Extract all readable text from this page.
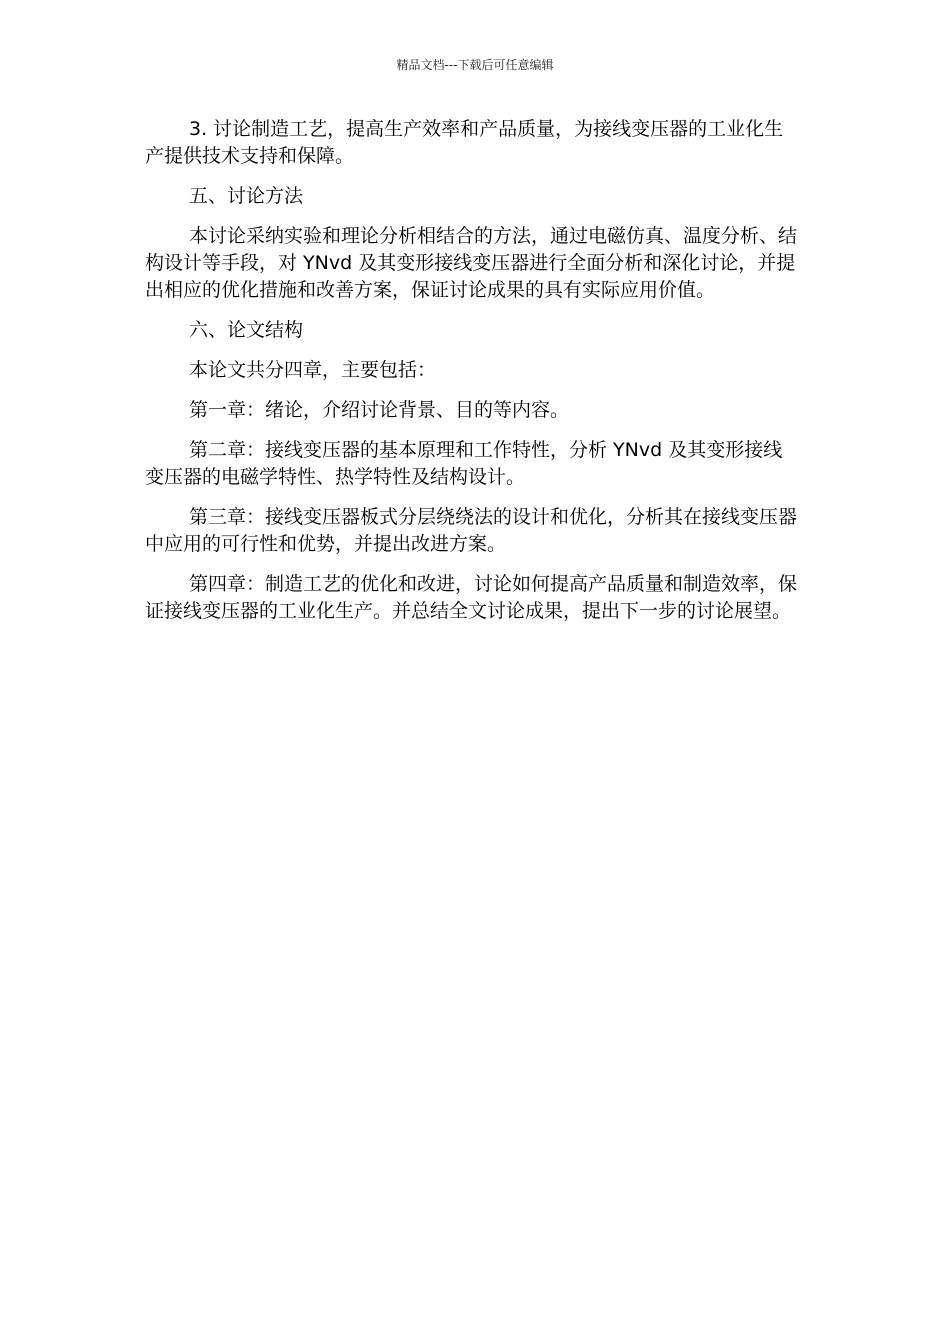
精品文档---下载后可任意编辑

3. 讨论制造工艺，提高生产效率和产品质量，为接线变压器的工业化生产提供技术支持和保障。

五、讨论方法

本讨论采纳实验和理论分析相结合的方法，通过电磁仿真、温度分析、结构设计等手段，对 YNvd 及其变形接线变压器进行全面分析和深化讨论，并提出相应的优化措施和改善方案，保证讨论成果的具有实际应用价值。

六、论文结构

本论文共分四章，主要包括：

第一章：绪论，介绍讨论背景、目的等内容。

第二章：接线变压器的基本原理和工作特性，分析 YNvd 及其变形接线变压器的电磁学特性、热学特性及结构设计。

第三章：接线变压器板式分层绕绕法的设计和优化，分析其在接线变压器中应用的可行性和优势，并提出改进方案。

第四章：制造工艺的优化和改进，讨论如何提高产品质量和制造效率，保证接线变压器的工业化生产。并总结全文讨论成果，提出下一步的讨论展望。
